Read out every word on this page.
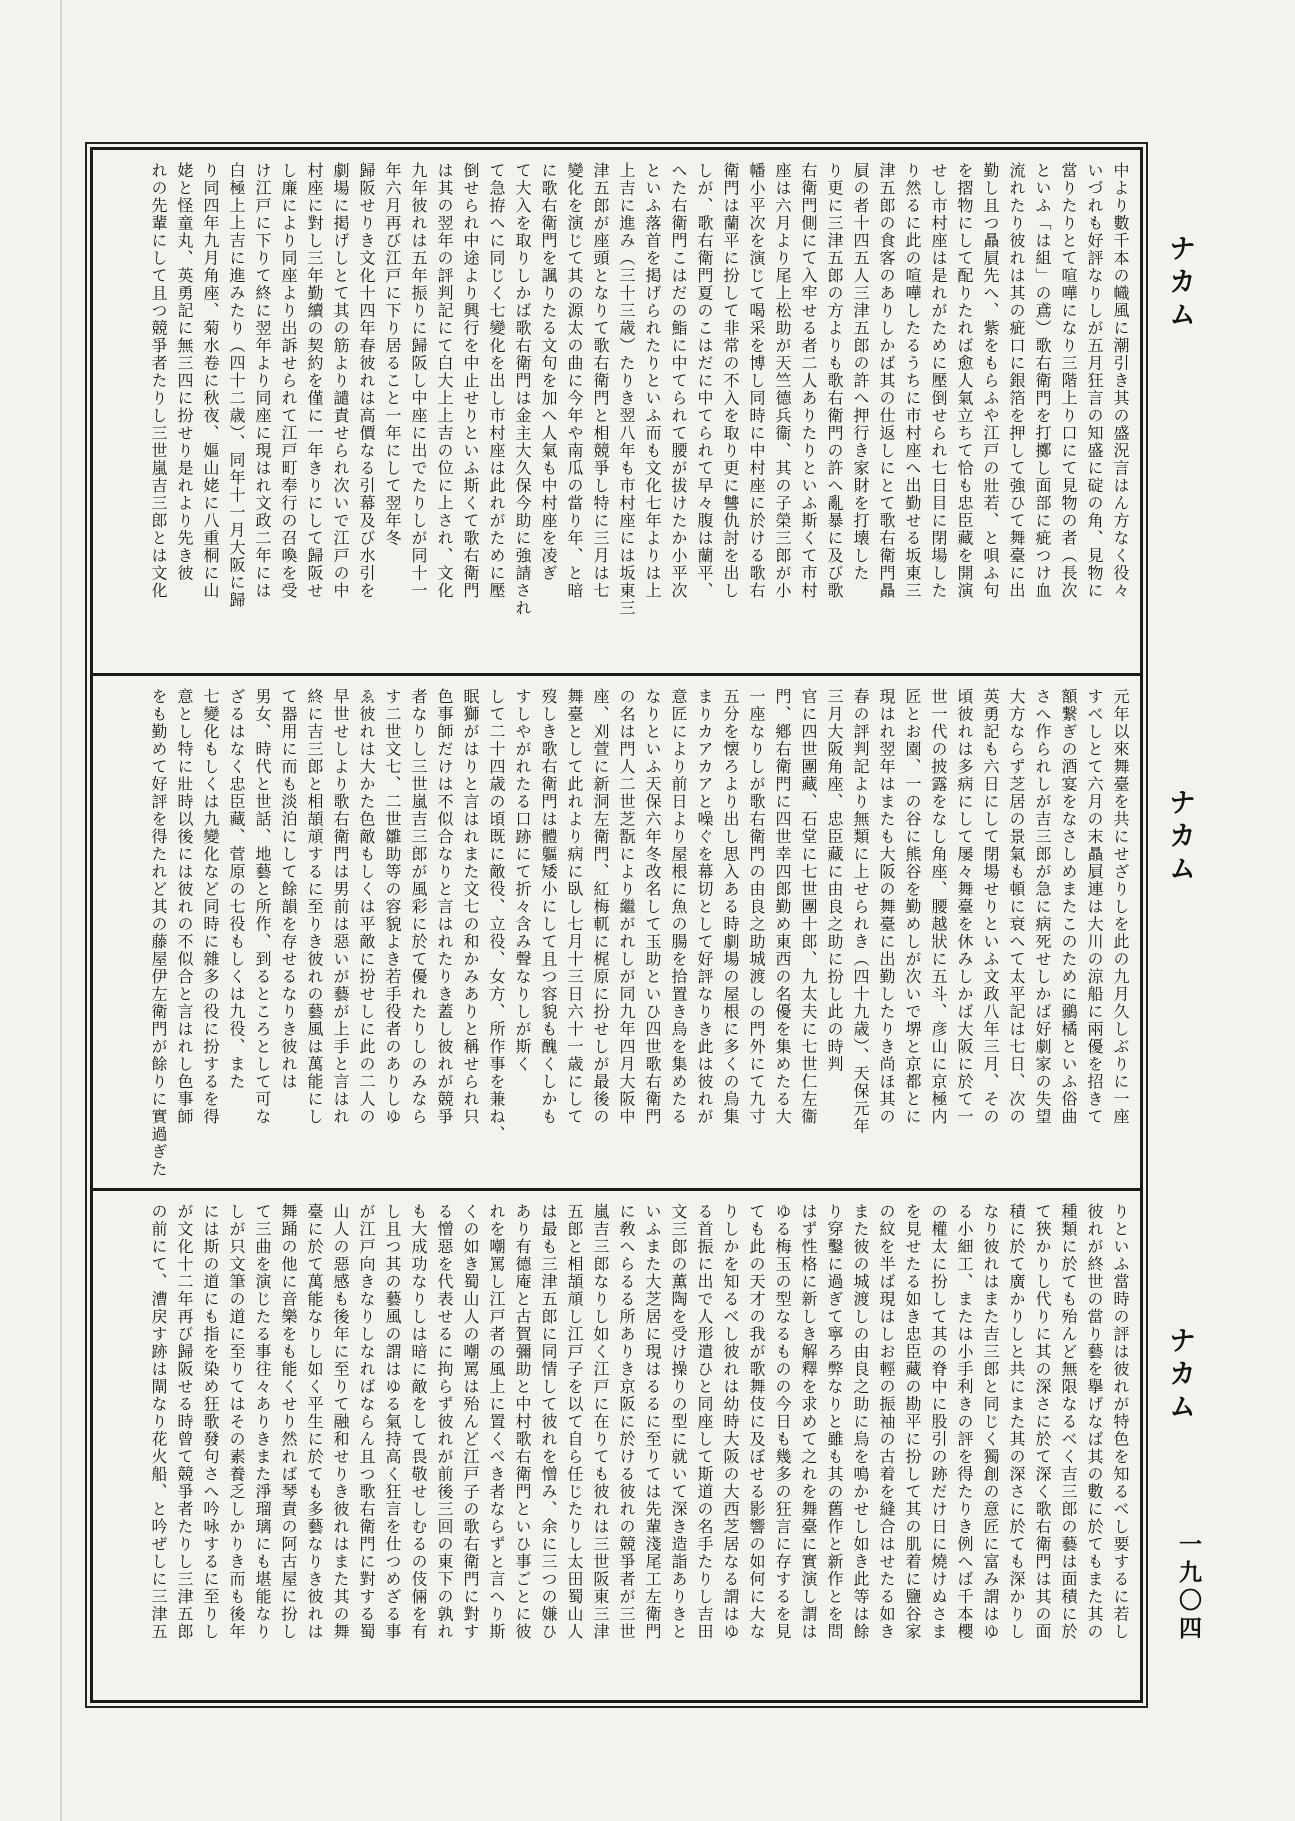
中より數千本の幟風に潮引き其の盛況言はん方なく役々
いづれも好評なりしが五月狂言の知盛に碇の角、見物に
當りたりとて喧嘩になり三階上り口にて見物の者（長次
といふ「は組」の鳶）歌右衛門を打擲し面部に疵つけ血
流れたり彼れは其の疵口に銀箔を押して強ひて舞臺に出
勤し且つ贔屓先へ、紫をもらふや江戸の壯若、と唄ふ句
を摺物にして配りたれば愈人氣立ちて恰も忠臣藏を開演
せし市村座は是れがために壓倒せられ七日目に閉場した
り然るに此の喧嘩したるうちに市村座へ出勤せる坂東三
津五郎の食客のありしかば其の仕返しにとて歌右衛門贔
屓の者十四五人三津五郎の許へ押行き家財を打壊した
り更に三津五郎の方よりも歌右衛門の許へ亂暴に及び歌
右衛門側にて入牢せる者二人ありたりといふ斯くて市村
座は六月より尾上松助が天竺德兵衞、其の子榮三郎が小
幡小平次を演じて喝采を博し同時に中村座に於ける歌右
衛門は蘭平に扮して非常の不入を取り更に讐仇討を出し
しが、歌右衛門夏のこはだに中てられて早々腹は蘭平、
へた右衛門こはだの鮨に中てられて腰が拔けたか小平次
といふ落首を掲げられたりといふ而も文化七年よりは上
上吉に進み（三十三歳）たりき翌八年も市村座には坂東三
津五郎が座頭となりて歌右衛門と相競爭し特に三月は七
變化を演じて其の源太の曲に今年や南瓜の當り年、と暗
に歌右衛門を諷りたる文句を加へ人氣も中村座を凌ぎ
て大入を取りしかば歌右衛門は金主大久保今助に強請され
て急拵へに同じく七變化を出し市村座は此れがために壓
倒せられ中途より興行を中止せりといふ斯くて歌右衛門
は其の翌年の評判記にて白大上上吉の位に上され、文化
九年彼れは五年振りに歸阪し中座に出でたりしが同十一
年六月再び江戸に下り居ること一年にして翌年冬
歸阪せりき文化十四年春彼れは高價なる引幕及び水引を
劇場に掲げしとて其の筋より譴責せられ次いで江戸の中
村座に對し三年勤續の契約を僅に一年きりにして歸阪せ
し廉により同座より出訴せられて江戸町奉行の召喚を受
け江戸に下りて終に翌年より同座に現はれ文政二年には
白極上上吉に進みたり（四十二歳）、同年十一月大阪に歸
り同四年九月角座、菊水卷に秋夜、嫗山姥に八重桐に山
姥と怪童丸、英勇記に無三四に扮せり是れより先き彼
れの先輩にして且つ競爭者たりし三世嵐吉三郎とは文化
元年以來舞臺を共にせざりしを此の九月久しぶりに一座
すべしとて六月の末贔屓連は大川の涼船に兩優を招きて
額繋ぎの酒宴をなさしめまたこのために鶸橘といふ俗曲
さへ作られしが吉三郎が急に病死せしかば好劇家の失望
大方ならず芝居の景氣も頓に衰へて太平記は七日、次の
英勇記も六日にして閉場せりといふ文政八年三月、その
頃彼れは多病にして屡々舞臺を休みしかば大阪に於て一
世一代の披露をなし角座、腰越狀に五斗、彦山に京極内
匠とお園、一の谷に熊谷を勤めしが次いで堺と京都とに
現はれ翌年はまたも大阪の舞臺に出勤したりき尚ほ其の
春の評判記より無類に上せられき（四十九歳）、天保元年
三月大阪角座、忠臣藏に由良之助に扮し此の時判
官に四世團藏、石堂に七世團十郎、九太夫に七世仁左衞
門、鄕右衛門に四世幸四郎勤め東西の名優を集めたる大
一座なりしが歌右衛門の由良之助城渡しの門外にて九寸
五分を懐ろより出し思入ある時劇場の屋根に多くの烏集
まりカアカアと噪ぐを幕切として好評なりき此は彼れが
意匠により前日より屋根に魚の腸を拾置き烏を集めたる
なりといふ天保六年冬改名して玉助といひ四世歌右衛門
の名は門人二世芝翫により繼がれしが同九年四月大阪中
座、刈萱に新洞左衛門、紅梅軏に梶原に扮せしが最後の
舞臺として此れより病に臥し七月十三日六十一歳にして
歿しき歌右衛門は體軀矮小にして且つ容貌も醜くしかも
すしやがれたる口跡にて折々含み聲なりしが斯く
して二十四歳の頃既に敵役、立役、女方、所作事を兼ね、
眠獅がはりと言はれまた文七の和かみありと稱せられ只
色事師だけは不似合なりと言はれたりき蓋し彼れが競爭
者なりし三世嵐吉三郎が風彩に於て優れたりしのみなら
す二世文七、二世雛助等の容貌よき若手役者のありしゆ
ゑ彼れは大かた色敵もしくは平敵に扮せしに此の二人の
早世せしより歌右衛門は男前は惡いが藝が上手と言はれ
終に吉三郎と相頡頏するに至りき彼れの藝風は萬能にし
て器用に而も淡泊にして餘韻を存せるなりき彼れは
男女、時代と世話、地藝と所作、到るところとして可な
ざるはなく忠臣藏、菅原の七役もしくは九役、また
七變化もしくは九變化など同時に雜多の役に扮するを得
意とし特に壯時以後には彼れの不似合と言はれし色事師
をも勤めて好評を得たれど其の藤屋伊左衛門が餘りに實過ぎた
りといふ當時の評は彼れが特色を知るべし要するに若し
彼れが終世の當り藝を擧げなば其の數に於てもまた其の
種類に於ても殆んど無限なるべく吉三郎の藝は面積に於
て狹かりし代りに其の深さに於て深く歌右衛門は其の面
積に於て廣かりしと共にまた其の深さに於ても深かりし
なり彼れはまた吉三郎と同じく獨創の意匠に富み謂はゆ
る小細工、または小手利きの評を得たりき例へば千本櫻
の權太に扮して其の脊中に股引の跡だけ日に燒けぬさま
を見せたる如き忠臣藏の勘平に扮して其の肌着に鹽谷家
の紋を半ば現はしお輕の振袖の古着を縫合はせたる如き
また彼の城渡しの由良之助に烏を鳴かせし如き此等は餘
り穿鑿に過ぎて寧ろ弊なりと雖も其の舊作と新作とを問
はず性格に新しき解釋を求めて之れを舞臺に實演し謂は
ゆる梅玉の型なるものの今日も幾多の狂言に存するを見
ても此の天才の我が歌舞伎に及ぼせる影響の如何に大な
りしかを知るべし彼れは幼時大阪の大西芝居なる謂はゆ
る首振に出で人形遣ひと同座して斯道の名手たりし吉田
文三郎の薫陶を受け操りの型に就いて深き造詣ありきと
いふまた大芝居に現はるるに至りては先輩淺尾工左衛門
に敎へらるる所ありき京阪に於ける彼れの競爭者が三世
嵐吉三郎なりし如く江戸に在りても彼れは三世阪東三津
五郎と相頡頏し江戸子を以て自ら任じたりし太田蜀山人
は最も三津五郎に同情して彼れを憎み、余に三つの嫌ひ
あり有德庵と古賀彌助と中村歌右衛門といひ事ごとに彼
れを嘲罵し江戸者の風上に置くべき者ならずと言へり斯
くの如き蜀山人の嘲罵は殆んど江戸子の歌右衛門に對す
る憎惡を代表せるに拘らず彼れが前後三回の東下の孰れ
も大成功なりしは暗に敵をして畏敬せしむるの伎倆を有
し且つ其の藝風の謂はゆる氣持高く狂言を仕つめざる事
が江戸向きなりしなればならん且つ歌右衛門に對する蜀
山人の惡感も後年に至りて融和せりき彼れはまた其の舞
臺に於て萬能なりし如く平生に於ても多藝なりき彼れは
舞踊の他に音樂をも能くせり然れば琴責の阿古屋に扮し
て三曲を演じたる事往々ありきまた淨瑠璃にも堪能なり
しが只文筆の道に至りてはその素養乏しかりき而も後年
には斯の道にも指を染め狂歌發句さへ吟咏するに至りし
が文化十二年再び歸阪せる時曾て競爭者たりし三津五郎
の前にて、漕戻す跡は閘なり花火船、と吟ぜしに三津五
ナカム
ナカム
ナカム
一九〇四
